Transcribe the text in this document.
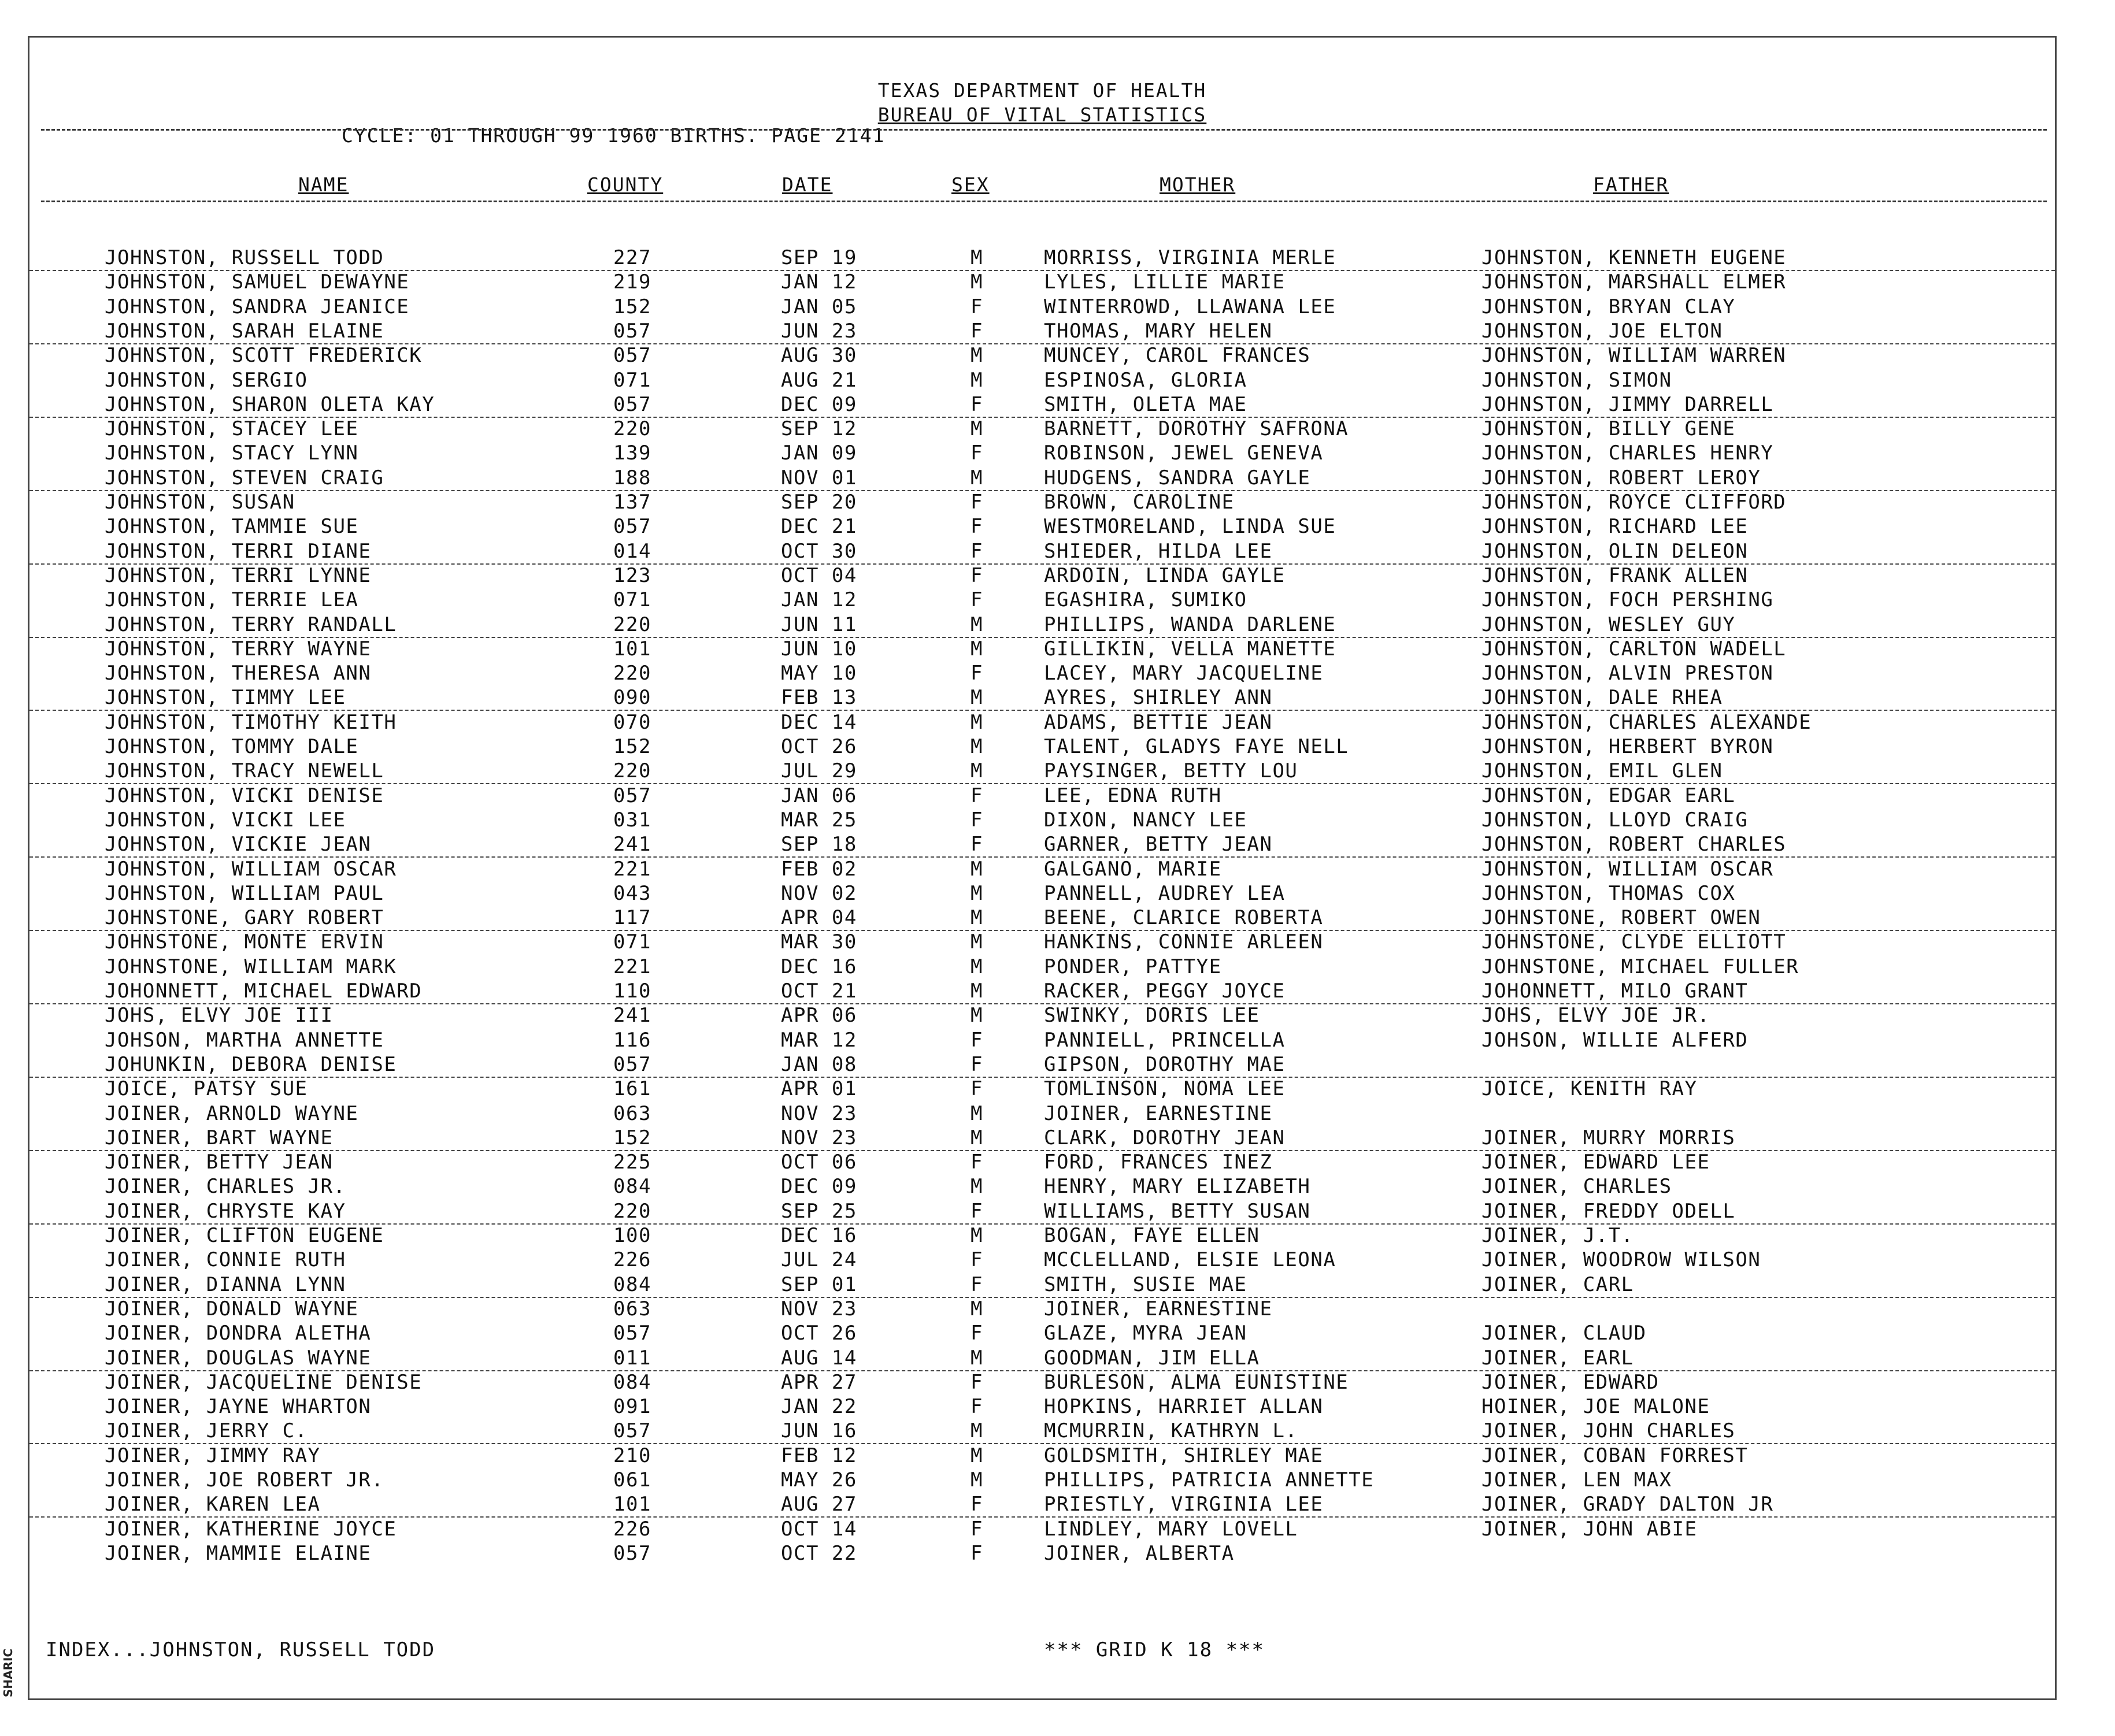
SHARIC
TEXAS DEPARTMENT OF HEALTH
BUREAU OF VITAL STATISTICS
CYCLE: 01 THROUGH 99 1960 BIRTHS. PAGE 2141
NAME	COUNTY	DATE	SEX	MOTHER	FATHER
JOHNSTON, RUSSELL TODD	227	SEP 19	M	MORRISS, VIRGINIA MERLE	JOHNSTON, KENNETH EUGENE
JOHNSTON, SAMUEL DEWAYNE	219	JAN 12	M	LYLES, LILLIE MARIE	JOHNSTON, MARSHALL ELMER
JOHNSTON, SANDRA JEANICE	152	JAN 05	F	WINTERROWD, LLAWANA LEE	JOHNSTON, BRYAN CLAY
JOHNSTON, SARAH ELAINE	057	JUN 23	F	THOMAS, MARY HELEN	JOHNSTON, JOE ELTON
JOHNSTON, SCOTT FREDERICK	057	AUG 30	M	MUNCEY, CAROL FRANCES	JOHNSTON, WILLIAM WARREN
JOHNSTON, SERGIO	071	AUG 21	M	ESPINOSA, GLORIA	JOHNSTON, SIMON
JOHNSTON, SHARON OLETA KAY	057	DEC 09	F	SMITH, OLETA MAE	JOHNSTON, JIMMY DARRELL
JOHNSTON, STACEY LEE	220	SEP 12	M	BARNETT, DOROTHY SAFRONA	JOHNSTON, BILLY GENE
JOHNSTON, STACY LYNN	139	JAN 09	F	ROBINSON, JEWEL GENEVA	JOHNSTON, CHARLES HENRY
JOHNSTON, STEVEN CRAIG	188	NOV 01	M	HUDGENS, SANDRA GAYLE	JOHNSTON, ROBERT LEROY
JOHNSTON, SUSAN	137	SEP 20	F	BROWN, CAROLINE	JOHNSTON, ROYCE CLIFFORD
JOHNSTON, TAMMIE SUE	057	DEC 21	F	WESTMORELAND, LINDA SUE	JOHNSTON, RICHARD LEE
JOHNSTON, TERRI DIANE	014	OCT 30	F	SHIEDER, HILDA LEE	JOHNSTON, OLIN DELEON
JOHNSTON, TERRI LYNNE	123	OCT 04	F	ARDOIN, LINDA GAYLE	JOHNSTON, FRANK ALLEN
JOHNSTON, TERRIE LEA	071	JAN 12	F	EGASHIRA, SUMIKO	JOHNSTON, FOCH PERSHING
JOHNSTON, TERRY RANDALL	220	JUN 11	M	PHILLIPS, WANDA DARLENE	JOHNSTON, WESLEY GUY
JOHNSTON, TERRY WAYNE	101	JUN 10	M	GILLIKIN, VELLA MANETTE	JOHNSTON, CARLTON WADELL
JOHNSTON, THERESA ANN	220	MAY 10	F	LACEY, MARY JACQUELINE	JOHNSTON, ALVIN PRESTON
JOHNSTON, TIMMY LEE	090	FEB 13	M	AYRES, SHIRLEY ANN	JOHNSTON, DALE RHEA
JOHNSTON, TIMOTHY KEITH	070	DEC 14	M	ADAMS, BETTIE JEAN	JOHNSTON, CHARLES ALEXANDE
JOHNSTON, TOMMY DALE	152	OCT 26	M	TALENT, GLADYS FAYE NELL	JOHNSTON, HERBERT BYRON
JOHNSTON, TRACY NEWELL	220	JUL 29	M	PAYSINGER, BETTY LOU	JOHNSTON, EMIL GLEN
JOHNSTON, VICKI DENISE	057	JAN 06	F	LEE, EDNA RUTH	JOHNSTON, EDGAR EARL
JOHNSTON, VICKI LEE	031	MAR 25	F	DIXON, NANCY LEE	JOHNSTON, LLOYD CRAIG
JOHNSTON, VICKIE JEAN	241	SEP 18	F	GARNER, BETTY JEAN	JOHNSTON, ROBERT CHARLES
JOHNSTON, WILLIAM OSCAR	221	FEB 02	M	GALGANO, MARIE	JOHNSTON, WILLIAM OSCAR
JOHNSTON, WILLIAM PAUL	043	NOV 02	M	PANNELL, AUDREY LEA	JOHNSTON, THOMAS COX
JOHNSTONE, GARY ROBERT	117	APR 04	M	BEENE, CLARICE ROBERTA	JOHNSTONE, ROBERT OWEN
JOHNSTONE, MONTE ERVIN	071	MAR 30	M	HANKINS, CONNIE ARLEEN	JOHNSTONE, CLYDE ELLIOTT
JOHNSTONE, WILLIAM MARK	221	DEC 16	M	PONDER, PATTYE	JOHNSTONE, MICHAEL FULLER
JOHONNETT, MICHAEL EDWARD	110	OCT 21	M	RACKER, PEGGY JOYCE	JOHONNETT, MILO GRANT
JOHS, ELVY JOE III	241	APR 06	M	SWINKY, DORIS LEE	JOHS, ELVY JOE JR.
JOHSON, MARTHA ANNETTE	116	MAR 12	F	PANNIELL, PRINCELLA	JOHSON, WILLIE ALFERD
JOHUNKIN, DEBORA DENISE	057	JAN 08	F	GIPSON, DOROTHY MAE
JOICE, PATSY SUE	161	APR 01	F	TOMLINSON, NOMA LEE	JOICE, KENITH RAY
JOINER, ARNOLD WAYNE	063	NOV 23	M	JOINER, EARNESTINE
JOINER, BART WAYNE	152	NOV 23	M	CLARK, DOROTHY JEAN	JOINER, MURRY MORRIS
JOINER, BETTY JEAN	225	OCT 06	F	FORD, FRANCES INEZ	JOINER, EDWARD LEE
JOINER, CHARLES JR.	084	DEC 09	M	HENRY, MARY ELIZABETH	JOINER, CHARLES
JOINER, CHRYSTE KAY	220	SEP 25	F	WILLIAMS, BETTY SUSAN	JOINER, FREDDY ODELL
JOINER, CLIFTON EUGENE	100	DEC 16	M	BOGAN, FAYE ELLEN	JOINER, J.T.
JOINER, CONNIE RUTH	226	JUL 24	F	MCCLELLAND, ELSIE LEONA	JOINER, WOODROW WILSON
JOINER, DIANNA LYNN	084	SEP 01	F	SMITH, SUSIE MAE	JOINER, CARL
JOINER, DONALD WAYNE	063	NOV 23	M	JOINER, EARNESTINE
JOINER, DONDRA ALETHA	057	OCT 26	F	GLAZE, MYRA JEAN	JOINER, CLAUD
JOINER, DOUGLAS WAYNE	011	AUG 14	M	GOODMAN, JIM ELLA	JOINER, EARL
JOINER, JACQUELINE DENISE	084	APR 27	F	BURLESON, ALMA EUNISTINE	JOINER, EDWARD
JOINER, JAYNE WHARTON	091	JAN 22	F	HOPKINS, HARRIET ALLAN	HOINER, JOE MALONE
JOINER, JERRY C.	057	JUN 16	M	MCMURRIN, KATHRYN L.	JOINER, JOHN CHARLES
JOINER, JIMMY RAY	210	FEB 12	M	GOLDSMITH, SHIRLEY MAE	JOINER, COBAN FORREST
JOINER, JOE ROBERT JR.	061	MAY 26	M	PHILLIPS, PATRICIA ANNETTE	JOINER, LEN MAX
JOINER, KAREN LEA	101	AUG 27	F	PRIESTLY, VIRGINIA LEE	JOINER, GRADY DALTON JR
JOINER, KATHERINE JOYCE	226	OCT 14	F	LINDLEY, MARY LOVELL	JOINER, JOHN ABIE
JOINER, MAMMIE ELAINE	057	OCT 22	F	JOINER, ALBERTA
INDEX...JOHNSTON, RUSSELL TODD	*** GRID K 18 ***
